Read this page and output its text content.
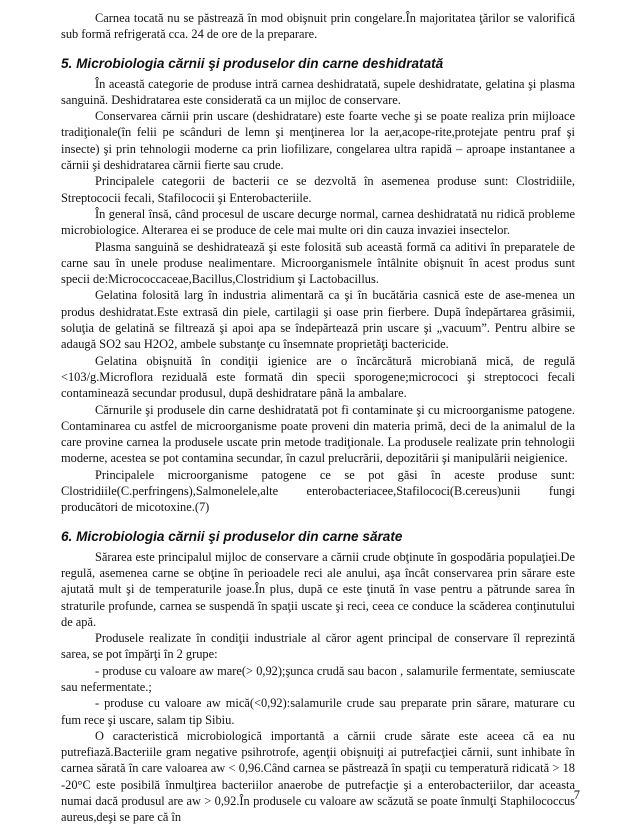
Carnea tocată nu se păstrează în mod obişnuit prin congelare.În majoritatea ţărilor se valorifică sub formă refrigerată cca. 24 de ore de la preparare.

5. Microbiologia cărnii şi produselor din carne deshidratată

În această categorie de produse intră carnea deshidratată, supele deshidratate, gelatina şi plasma sanguină. Deshidratarea este considerată ca un mijloc de conservare.

Conservarea cărnii prin uscare (deshidratare) este foarte veche şi se poate realiza prin mijloace tradiţionale(în felii pe scânduri de lemn şi menţinerea lor la aer,acope-rite,protejate pentru praf şi insecte) şi prin tehnologii moderne ca prin liofilizare, congelarea ultra rapidă – aproape instantanee a cărnii şi deshidratarea cărnii fierte sau crude.

Principalele categorii de bacterii ce se dezvoltă în asemenea produse sunt: Clostridiile, Streptococii fecali, Stafilococii şi Enterobacteriile.

În general însă, când procesul de uscare decurge normal, carnea deshidratată nu ridică probleme microbiologice. Alterarea ei se produce de cele mai multe ori din cauza invaziei insectelor.

Plasma sanguină se deshidratează şi este folosită sub această formă ca aditivi în preparatele de carne sau în unele produse nealimentare. Microorganismele întâlnite obişnuit în acest produs sunt specii de:Micrococcaceae,Bacillus,Clostridium şi Lactobacillus.

Gelatina folosită larg în industria alimentară ca şi în bucătăria casnică este de ase-menea un produs deshidratat.Este extrasă din piele, cartilagii şi oase prin fierbere. După îndepărtarea grăsimii, soluţia de gelatină se filtrează şi apoi apa se îndepărtează prin uscare şi „vacuum”. Pentru albire se adaugă SO2 sau H2O2, ambele substanţe cu însemnate proprietăţi bactericide.

Gelatina obişnuită în condiţii igienice are o încărcătură microbiană mică, de regulă <103/g.Microflora reziduală este formată din specii sporogene;micrococi şi streptococi fecali contaminează secundar produsul, după deshidratare până la ambalare.

Cărnurile şi produsele din carne deshidratată pot fi contaminate şi cu microorganisme patogene. Contaminarea cu astfel de microorganisme poate proveni din materia primă, deci de la animalul de la care provine carnea la produsele uscate prin metode tradiţionale. La produsele realizate prin tehnologii moderne, acestea se pot contamina secundar, în cazul prelucrării, depozitării şi manipulării neigienice.

Principalele microorganisme patogene ce se pot găsi în aceste produse sunt: Clostridiile(C.perfringens),Salmonelele,alte enterobacteriacee,Stafilococi(B.cereus)unii fungi producători de micotoxine.(7)

6. Microbiologia cărnii şi produselor din carne sărate

Sărarea este principalul mijloc de conservare a cărnii crude obţinute în gospodăria populaţiei.De regulă, asemenea carne se obţine în perioadele reci ale anului, aşa încât conservarea prin sărare este ajutată mult şi de temperaturile joase.În plus, după ce este ţinută în vase pentru a pătrunde sarea în straturile profunde, carnea se suspendă în spaţii uscate şi reci, ceea ce conduce la scăderea conţinutului de apă.

Produsele realizate în condiţii industriale al căror agent principal de conservare îl reprezintă sarea, se pot împărţi în 2 grupe:

- produse cu valoare aw mare(> 0,92);şunca crudă sau bacon , salamurile fermentate, semiuscate sau nefermentate.;

- produse cu valoare aw mică(<0,92):salamurile crude sau preparate prin sărare, maturare cu fum rece şi uscare, salam tip Sibiu.

O caracteristică microbiologică importantă a cărnii crude sărate este aceea că ea nu putrefiază.Bacteriile gram negative psihrotrofe, agenţii obişnuiţi ai putrefacţiei cărnii, sunt inhibate în carnea sărată în care valoarea aw < 0,96.Când carnea se păstrează în spaţii cu temperatură ridicată > 18 -20°C este posibilă înmulţirea bacteriilor anaerobe de putrefacţie şi a enterobacteriilor, dar aceasta numai dacă produsul are aw > 0,92.În produsele cu valoare aw scăzută se poate înmulţi Staphilococcus aureus,deşi se pare că în

7
